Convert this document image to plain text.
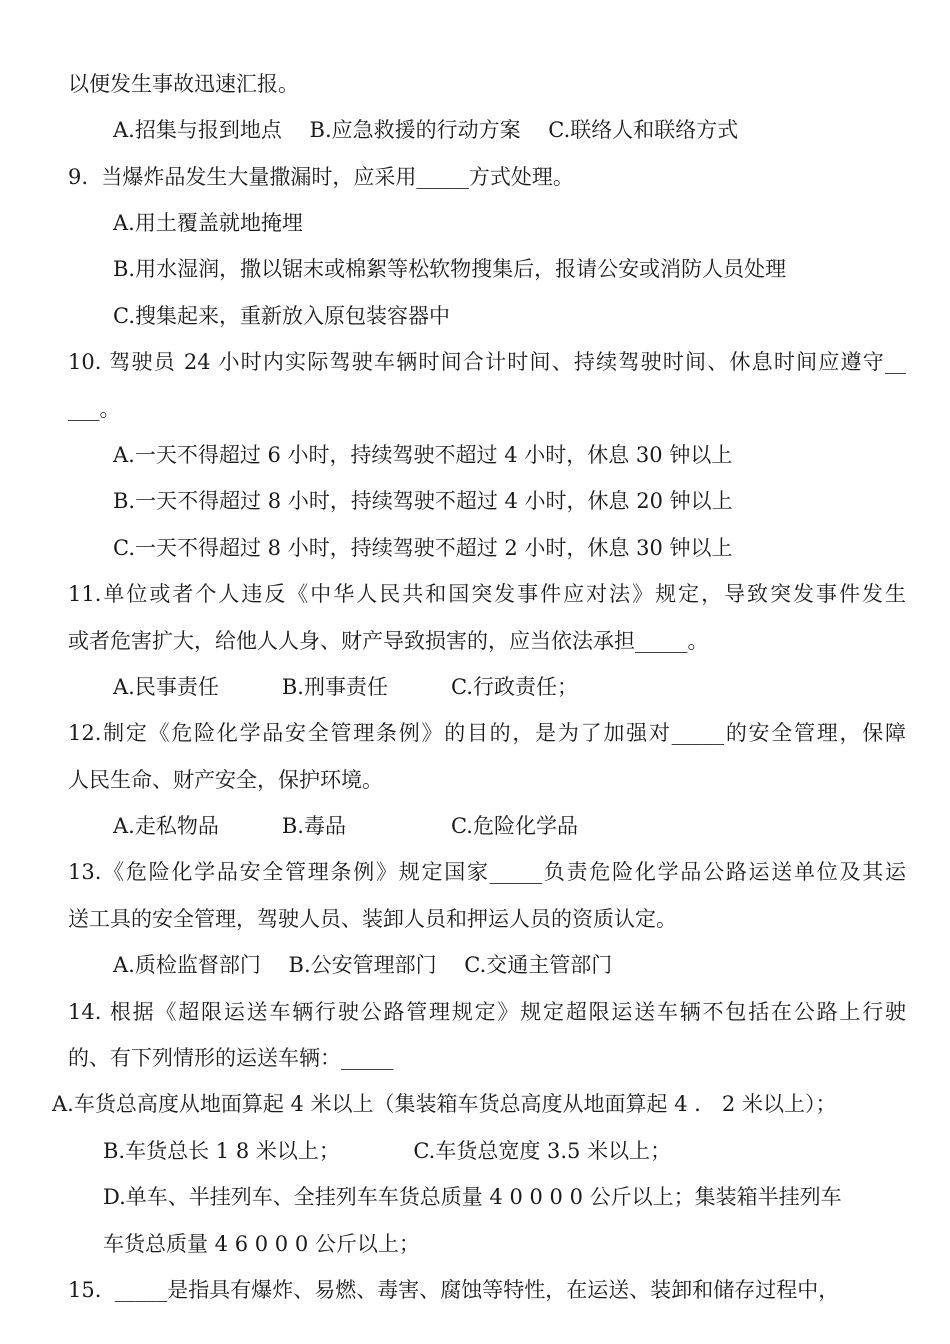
以便发生事故迅速汇报。
A.招集与报到地点　 B.应急救援的行动方案　 C.联络人和联络方式
9.  当爆炸品发生大量撒漏时，应采用_____方式处理。
A.用土覆盖就地掩埋
B.用水湿润，撒以锯末或棉絮等松软物搜集后，报请公安或消防人员处理
C.搜集起来，重新放入原包装容器中
10. 驾驶员 24 小时内实际驾驶车辆时间合计时间、持续驾驶时间、休息时间应遵守__
___。
A.一天不得超过 6 小时，持续驾驶不超过 4 小时，休息 30 钟以上
B.一天不得超过 8 小时，持续驾驶不超过 4 小时，休息 20 钟以上
C.一天不得超过 8 小时，持续驾驶不超过 2 小时，休息 30 钟以上
11.单位或者个人违反《中华人民共和国突发事件应对法》规定，导致突发事件发生
或者危害扩大，给他人人身、财产导致损害的，应当依法承担_____。
A.民事责任　　　B.刑事责任　　　C.行政责任；
12.制定《危险化学品安全管理条例》的目的，是为了加强对_____的安全管理，保障
人民生命、财产安全，保护环境。
A.走私物品　　　B.毒品　　　　　C.危险化学品
13.《危险化学品安全管理条例》规定国家_____负责危险化学品公路运送单位及其运
送工具的安全管理，驾驶人员、装卸人员和押运人员的资质认定。
A.质检监督部门　 B.公安管理部门　 C.交通主管部门
14. 根据《超限运送车辆行驶公路管理规定》规定超限运送车辆不包括在公路上行驶
的、有下列情形的运送车辆：_____
A.车货总高度从地面算起 4 米以上（集装箱车货总高度从地面算起 4 ． 2 米以上）；
B.车货总长 1 8 米以上；　　　　C.车货总宽度 3.5 米以上；
D.单车、半挂列车、全挂列车车货总质量 4 0 0 0 0 公斤以上；集装箱半挂列车
车货总质量 4 6 0 0 0 公斤以上；
15.  _____是指具有爆炸、易燃、毒害、腐蚀等特性，在运送、装卸和储存过程中，
